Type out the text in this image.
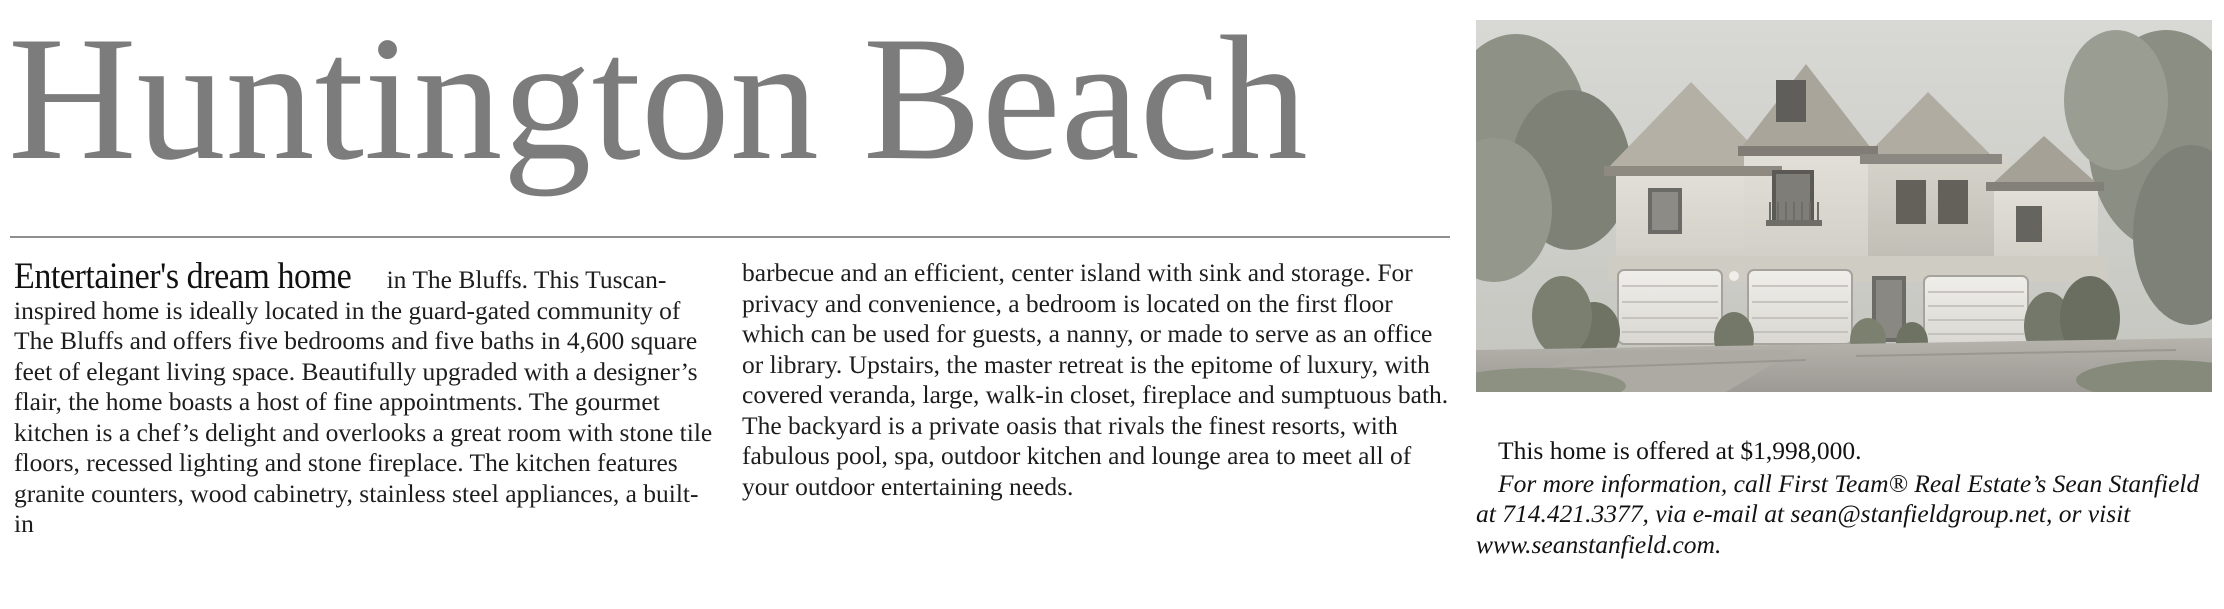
Huntington Beach

Entertainer's dream home in The Bluffs. This Tuscan-inspired home is ideally located in the guard-gated community of The Bluffs and offers five bedrooms and five baths in 4,600 square feet of elegant living space. Beautifully upgraded with a designer’s flair, the home boasts a host of fine appointments. The gourmet kitchen is a chef’s delight and overlooks a great room with stone tile floors, recessed lighting and stone fireplace. The kitchen features granite counters, wood cabinetry, stainless steel appliances, a built-in

barbecue and an efficient, center island with sink and storage. For privacy and convenience, a bedroom is located on the first floor which can be used for guests, a nanny, or made to serve as an office or library. Upstairs, the master retreat is the epitome of luxury, with covered veranda, large, walk-in closet, fireplace and sumptuous bath. The backyard is a private oasis that rivals the finest resorts, with fabulous pool, spa, outdoor kitchen and lounge area to meet all of your outdoor entertaining needs.

This home is offered at $1,998,000.

For more information, call First Team® Real Estate’s Sean Stanfield at 714.421.3377, via e-mail at sean@stanfieldgroup.net, or visit www.seanstanfield.com.
